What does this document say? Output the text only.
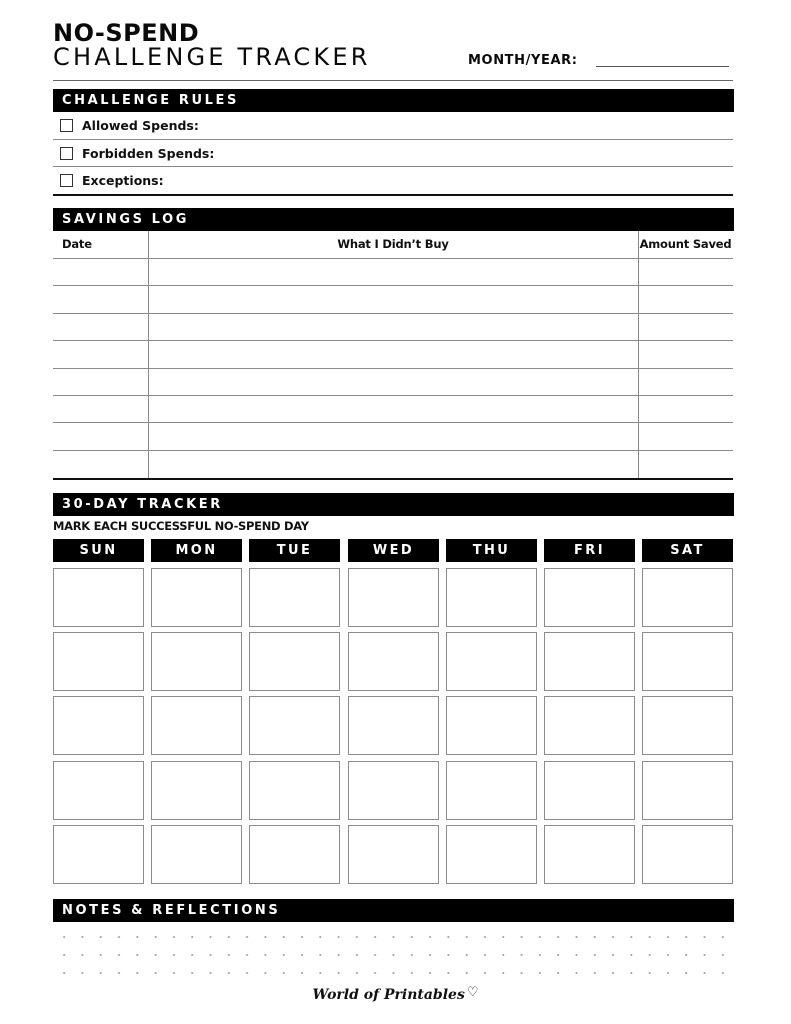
NO-SPEND
CHALLENGE TRACKER	MONTH/YEAR:
CHALLENGE RULES
Allowed Spends:
Forbidden Spends:
Exceptions:
SAVINGS LOG
Date	What I Didn’t Buy	Amount Saved
30-DAY TRACKER
MARK EACH SUCCESSFUL NO-SPEND DAY
SUN	MON	TUE	WED	THU	FRI	SAT
NOTES & REFLECTIONS
World of Printables ♡
